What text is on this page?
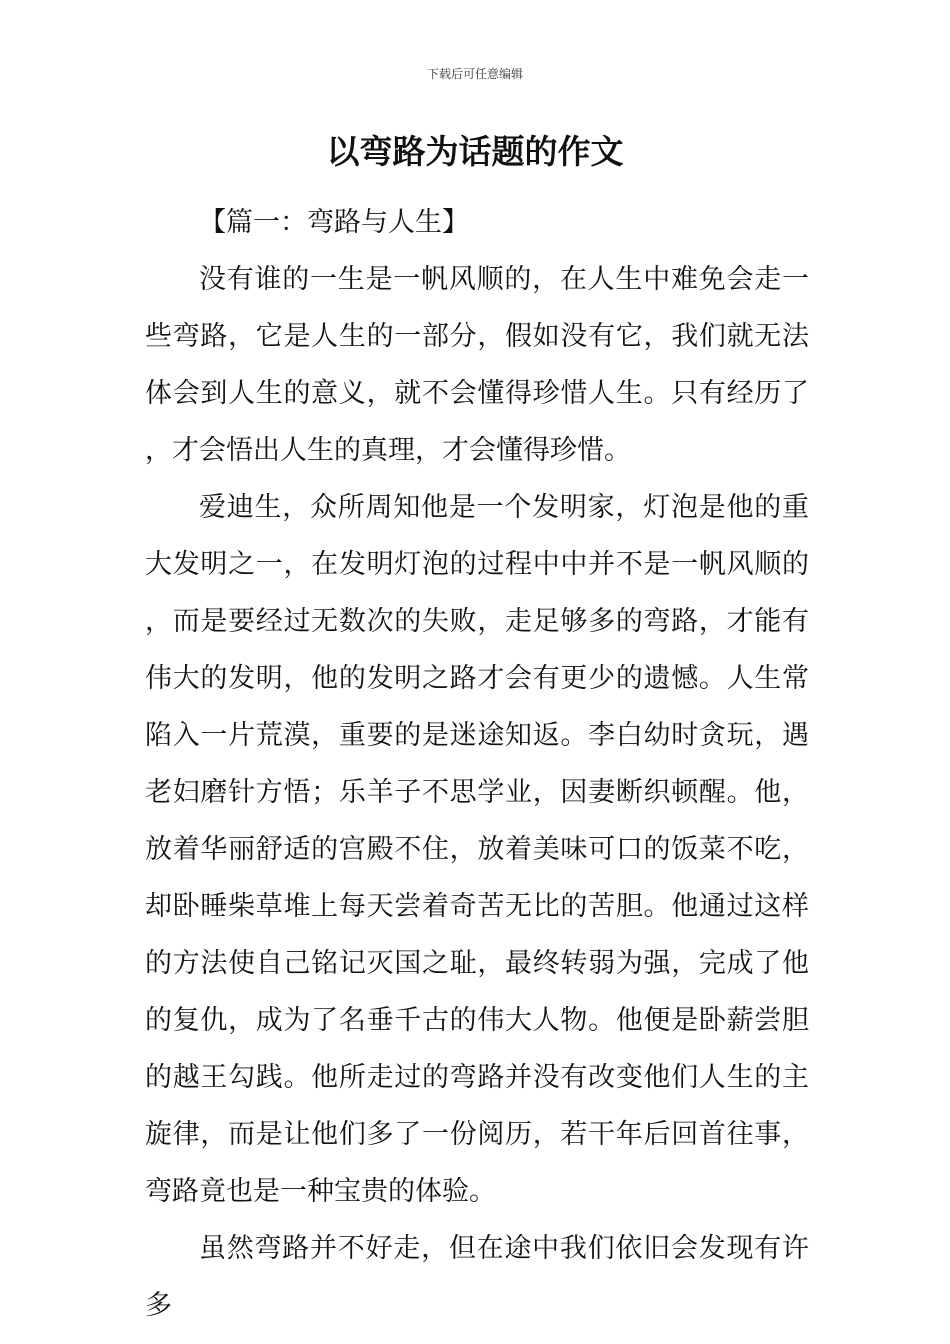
下载后可任意编辑
以弯路为话题的作文

【篇一：弯路与人生】

没有谁的一生是一帆风顺的，在人生中难免会走一些弯路，它是人生的一部分，假如没有它，我们就无法体会到人生的意义，就不会懂得珍惜人生。只有经历了，才会悟出人生的真理，才会懂得珍惜。

爱迪生，众所周知他是一个发明家，灯泡是他的重大发明之一，在发明灯泡的过程中中并不是一帆风顺的，而是要经过无数次的失败，走足够多的弯路，才能有伟大的发明，他的发明之路才会有更少的遗憾。人生常陷入一片荒漠，重要的是迷途知返。李白幼时贪玩，遇老妇磨针方悟；乐羊子不思学业，因妻断织顿醒。他，放着华丽舒适的宫殿不住，放着美味可口的饭菜不吃，却卧睡柴草堆上每天尝着奇苦无比的苦胆。他通过这样的方法使自己铭记灭国之耻，最终转弱为强，完成了他的复仇，成为了名垂千古的伟大人物。他便是卧薪尝胆的越王勾践。他所走过的弯路并没有改变他们人生的主旋律，而是让他们多了一份阅历，若干年后回首往事，弯路竟也是一种宝贵的体验。

虽然弯路并不好走，但在途中我们依旧会发现有许多
